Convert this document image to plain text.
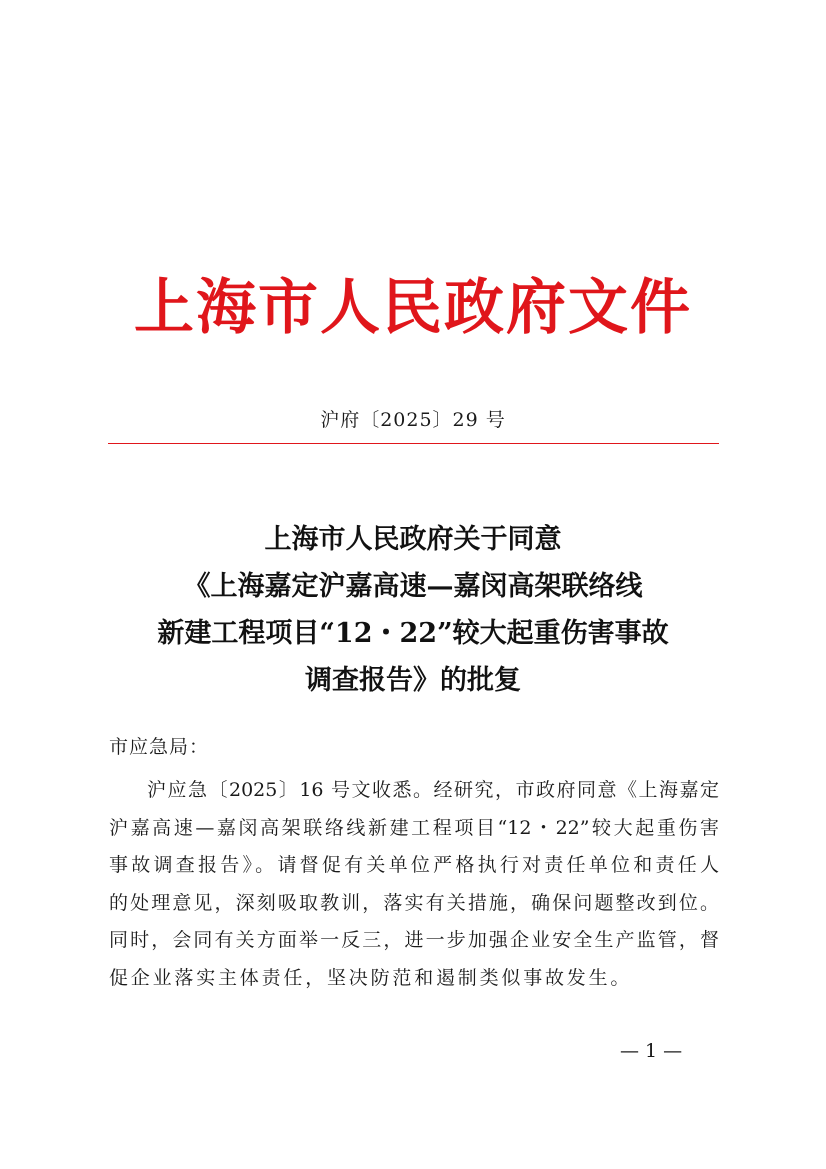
上海市人民政府文件
沪府〔2025〕29 号
上海市人民政府关于同意
《上海嘉定沪嘉高速—嘉闵高架联络线
新建工程项目“12・22”较大起重伤害事故
调查报告》的批复
市应急局：
沪应急〔2025〕16 号文收悉。经研究，市政府同意《上海嘉定
沪嘉高速—嘉闵高架联络线新建工程项目“12・22”较大起重伤害
事故调查报告》。请督促有关单位严格执行对责任单位和责任人
的处理意见，深刻吸取教训，落实有关措施，确保问题整改到位。
同时，会同有关方面举一反三，进一步加强企业安全生产监管，督
促企业落实主体责任，坚决防范和遏制类似事故发生。
— 1 —
